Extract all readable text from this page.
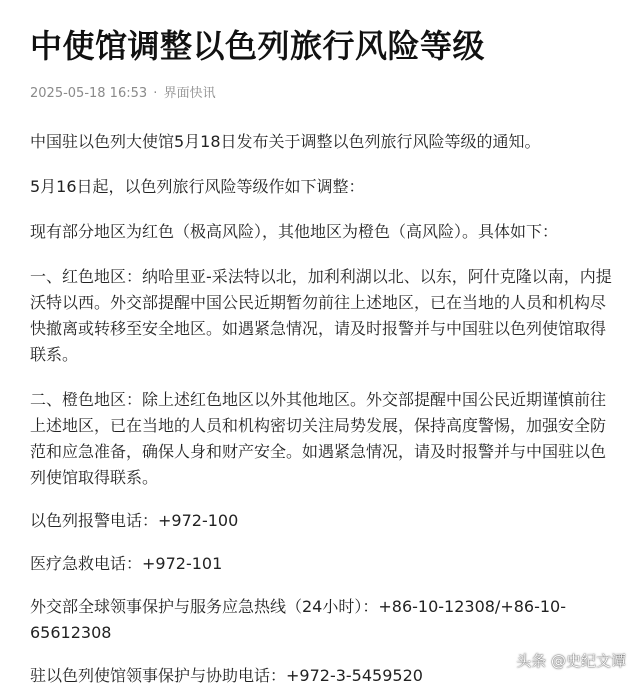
中使馆调整以色列旅行风险等级
2025-05-18 16:53 · 界面快讯

中国驻以色列大使馆5月18日发布关于调整以色列旅行风险等级的通知。

5月16日起，以色列旅行风险等级作如下调整：

现有部分地区为红色（极高风险），其他地区为橙色（高风险）。具体如下：

一、红色地区：纳哈里亚-采法特以北，加利利湖以北、以东，阿什克隆以南，内提沃特以西。外交部提醒中国公民近期暂勿前往上述地区，已在当地的人员和机构尽快撤离或转移至安全地区。如遇紧急情况，请及时报警并与中国驻以色列使馆取得联系。

二、橙色地区：除上述红色地区以外其他地区。外交部提醒中国公民近期谨慎前往上述地区，已在当地的人员和机构密切关注局势发展，保持高度警惕，加强安全防范和应急准备，确保人身和财产安全。如遇紧急情况，请及时报警并与中国驻以色列使馆取得联系。

以色列报警电话：+972-100

医疗急救电话：+972-101

外交部全球领事保护与服务应急热线（24小时）：+86-10-12308/+86-10-65612308

驻以色列使馆领事保护与协助电话：+972-3-5459520

头条 @史纪文谭
